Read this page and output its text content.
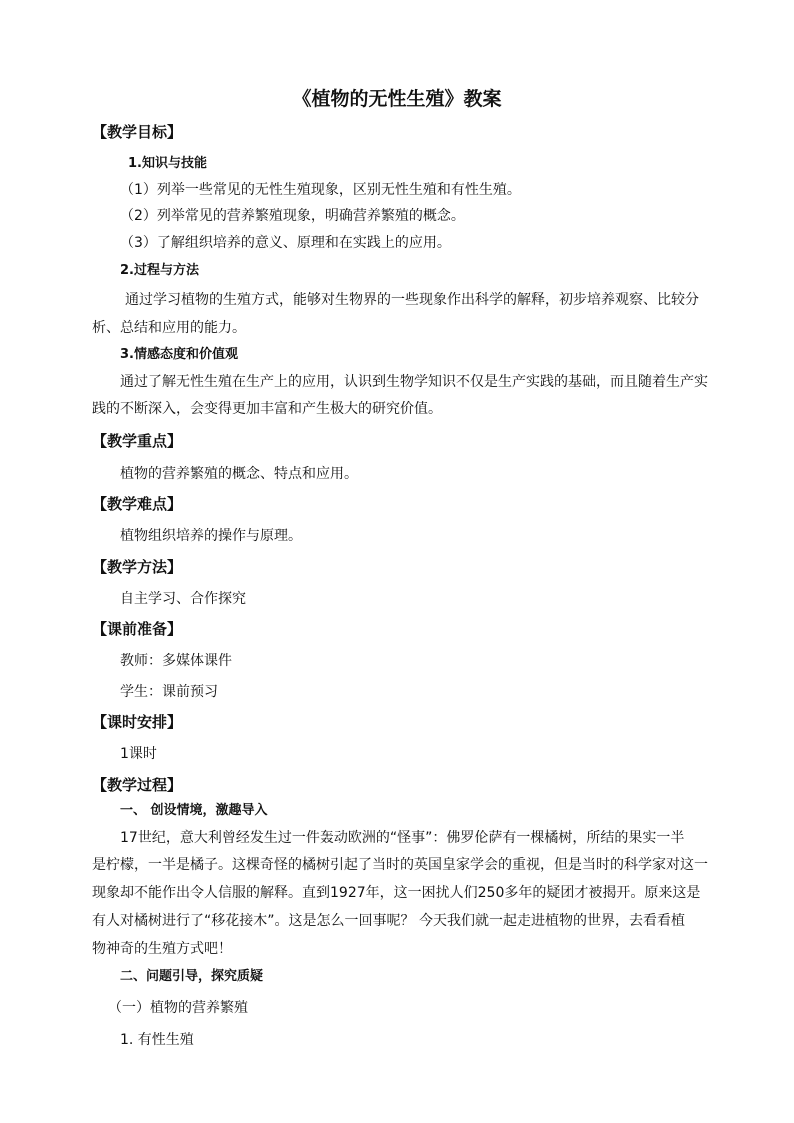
《植物的无性生殖》教案
【教学目标】
1.知识与技能
（1）列举一些常见的无性生殖现象，区别无性生殖和有性生殖。
（2）列举常见的营养繁殖现象，明确营养繁殖的概念。
（3）了解组织培养的意义、原理和在实践上的应用。
2.过程与方法
通过学习植物的生殖方式，能够对生物界的一些现象作出科学的解释，初步培养观察、比较分
析、总结和应用的能力。
3.情感态度和价值观
通过了解无性生殖在生产上的应用，认识到生物学知识不仅是生产实践的基础，而且随着生产实
践的不断深入，会变得更加丰富和产生极大的研究价值。
【教学重点】
植物的营养繁殖的概念、特点和应用。
【教学难点】
植物组织培养的操作与原理。
【教学方法】
自主学习、合作探究
【课前准备】
教师：多媒体课件
学生：课前预习
【课时安排】
1课时
【教学过程】
一、 创设情境，激趣导入
17世纪，意大利曾经发生过一件轰动欧洲的“怪事”：佛罗伦萨有一棵橘树，所结的果实一半
是柠檬，一半是橘子。这棵奇怪的橘树引起了当时的英国皇家学会的重视，但是当时的科学家对这一
现象却不能作出令人信服的解释。直到1927年，这一困扰人们250多年的疑团才被揭开。原来这是
有人对橘树进行了“移花接木”。这是怎么一回事呢？ 今天我们就一起走进植物的世界，去看看植
物神奇的生殖方式吧！
二、问题引导，探究质疑
（一）植物的营养繁殖
1. 有性生殖
